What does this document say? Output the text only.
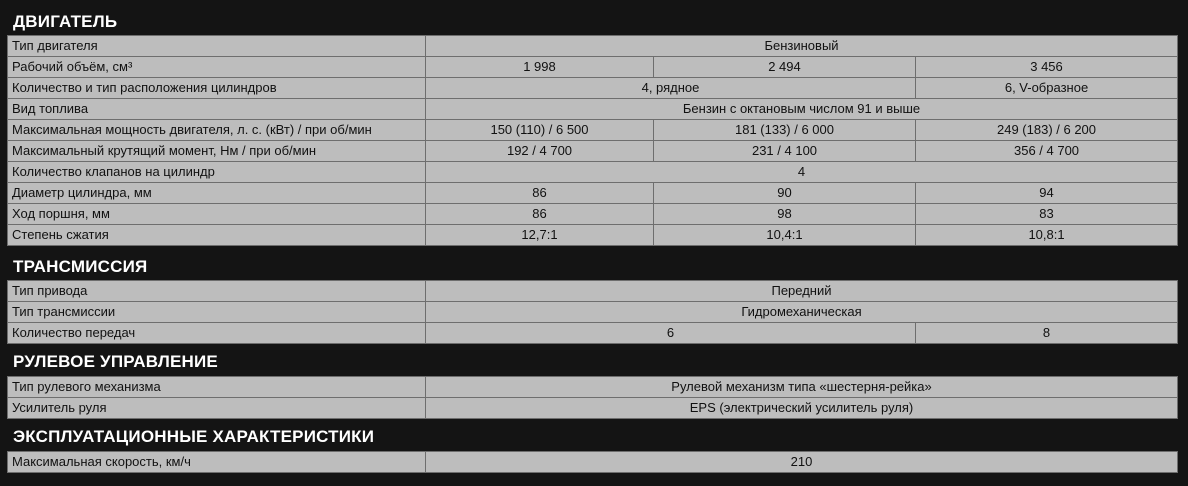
ДВИГАТЕЛЬ
Тип двигателя	Бензиновый		
Рабочий объём, см³	1 998	2 494	3 456
Количество и тип расположения цилиндров	4, рядное		6, V-образное
Вид топлива	Бензин с октановым числом 91 и выше		
Максимальная мощность двигателя, л. с. (кВт) / при об/мин	150 (110) / 6 500	181 (133) / 6 000	249 (183) / 6 200
Максимальный крутящий момент, Нм / при об/мин	192 / 4 700	231 / 4 100	356 / 4 700
Количество клапанов на цилиндр	4		
Диаметр цилиндра, мм	86	90	94
Ход поршня, мм	86	98	83
Степень сжатия	12,7:1	10,4:1	10,8:1
ТРАНСМИССИЯ
Тип привода	Передний	
Тип трансмиссии	Гидромеханическая	
Количество передач	6	8
РУЛЕВОЕ УПРАВЛЕНИЕ
Тип рулевого механизма	Рулевой механизм типа «шестерня-рейка»
Усилитель руля	EPS (электрический усилитель руля)
ЭКСПЛУАТАЦИОННЫЕ ХАРАКТЕРИСТИКИ
Максимальная скорость, км/ч	210
